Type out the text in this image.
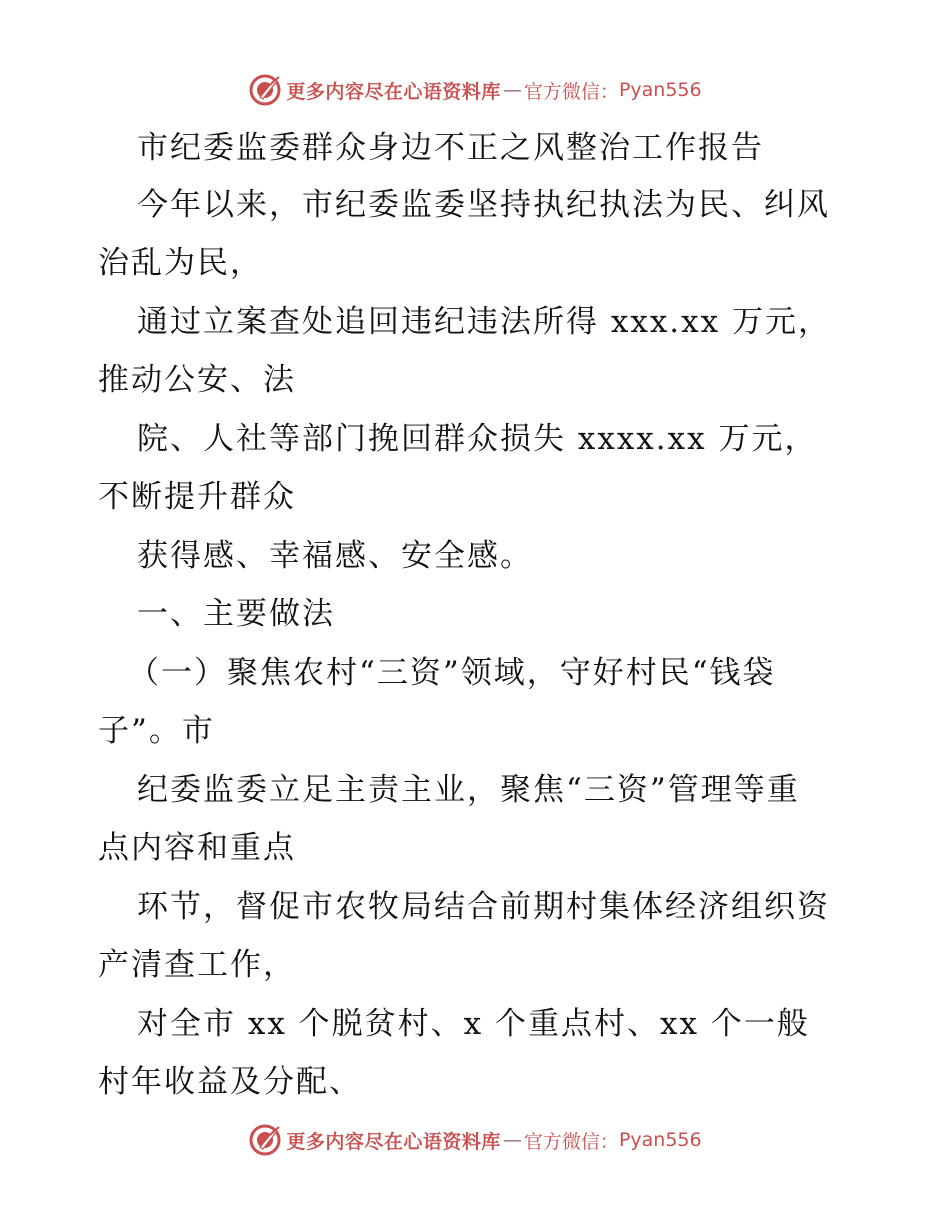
更多内容尽在心语资料库 — 官方微信： Pyan556
市纪委监委群众身边不正之风整治工作报告
今年以来，市纪委监委坚持执纪执法为民、纠风
治乱为民，
通过立案查处追回违纪违法所得 xxx.xx 万元，
推动公安、法
院、人社等部门挽回群众损失 xxxx.xx 万元，
不断提升群众
获得感、幸福感、安全感。
一、主要做法
（一）聚焦农村“三资”领域，守好村民“钱袋
子”。市
纪委监委立足主责主业，聚焦“三资”管理等重
点内容和重点
环节，督促市农牧局结合前期村集体经济组织资
产清查工作，
对全市 xx 个脱贫村、x 个重点村、xx 个一般
村年收益及分配、
更多内容尽在心语资料库 — 官方微信： Pyan556
